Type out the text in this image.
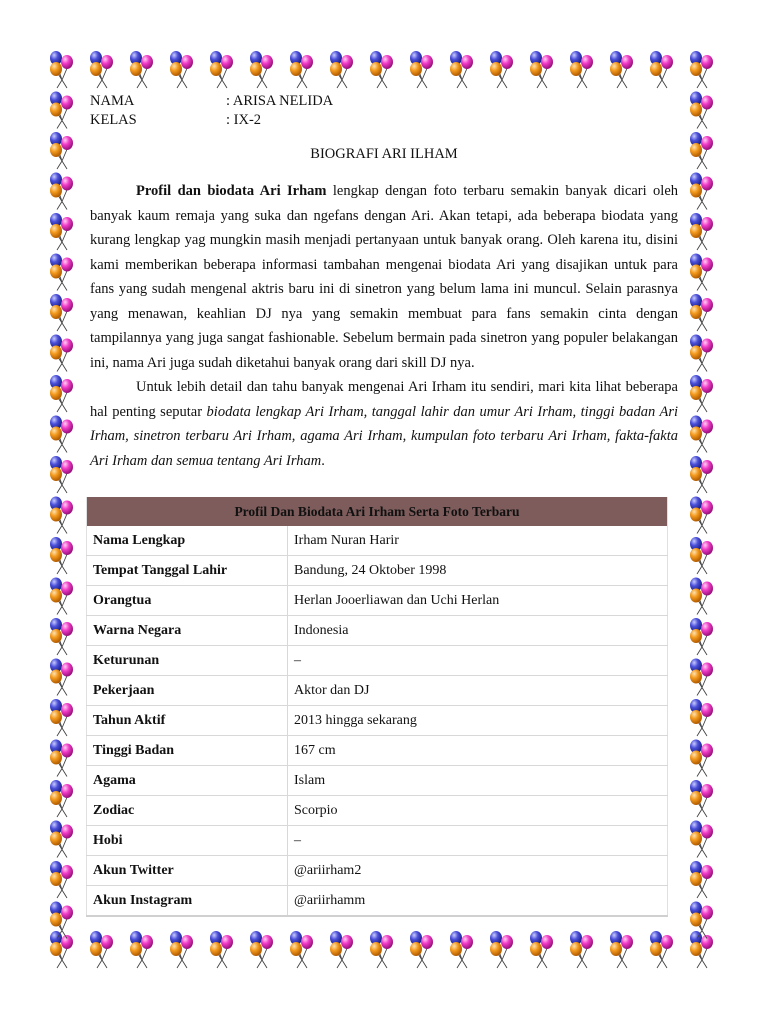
NAMA	: ARISA NELIDA
KELAS	: IX-2
BIOGRAFI ARI ILHAM

Profil dan biodata Ari Irham lengkap dengan foto terbaru semakin banyak dicari oleh banyak kaum remaja yang suka dan ngefans dengan Ari. Akan tetapi, ada beberapa biodata yang kurang lengkap yag mungkin masih menjadi pertanyaan untuk banyak orang. Oleh karena itu, disini kami memberikan beberapa informasi tambahan mengenai biodata Ari yang disajikan untuk para fans yang sudah mengenal aktris baru ini di sinetron yang belum lama ini muncul. Selain parasnya yang menawan, keahlian DJ nya yang semakin membuat para fans semakin cinta dengan tampilannya yang juga sangat fashionable. Sebelum bermain pada sinetron yang populer belakangan ini, nama Ari juga sudah diketahui banyak orang dari skill DJ nya.

Untuk lebih detail dan tahu banyak mengenai Ari Irham itu sendiri, mari kita lihat beberapa hal penting seputar biodata lengkap Ari Irham, tanggal lahir dan umur Ari Irham, tinggi badan Ari Irham, sinetron terbaru Ari Irham, agama Ari Irham, kumpulan foto terbaru Ari Irham, fakta-fakta Ari Irham dan semua tentang Ari Irham.

Profil Dan Biodata Ari Irham Serta Foto Terbaru	
Nama Lengkap	Irham Nuran Harir
Tempat Tanggal Lahir	Bandung, 24 Oktober 1998
Orangtua	Herlan Jooerliawan dan Uchi Herlan
Warna Negara	Indonesia
Keturunan	–
Pekerjaan	Aktor dan DJ
Tahun Aktif	2013 hingga sekarang
Tinggi Badan	167 cm
Agama	Islam
Zodiac	Scorpio
Hobi	–
Akun Twitter	@ariirham2
Akun Instagram	@ariirhamm
